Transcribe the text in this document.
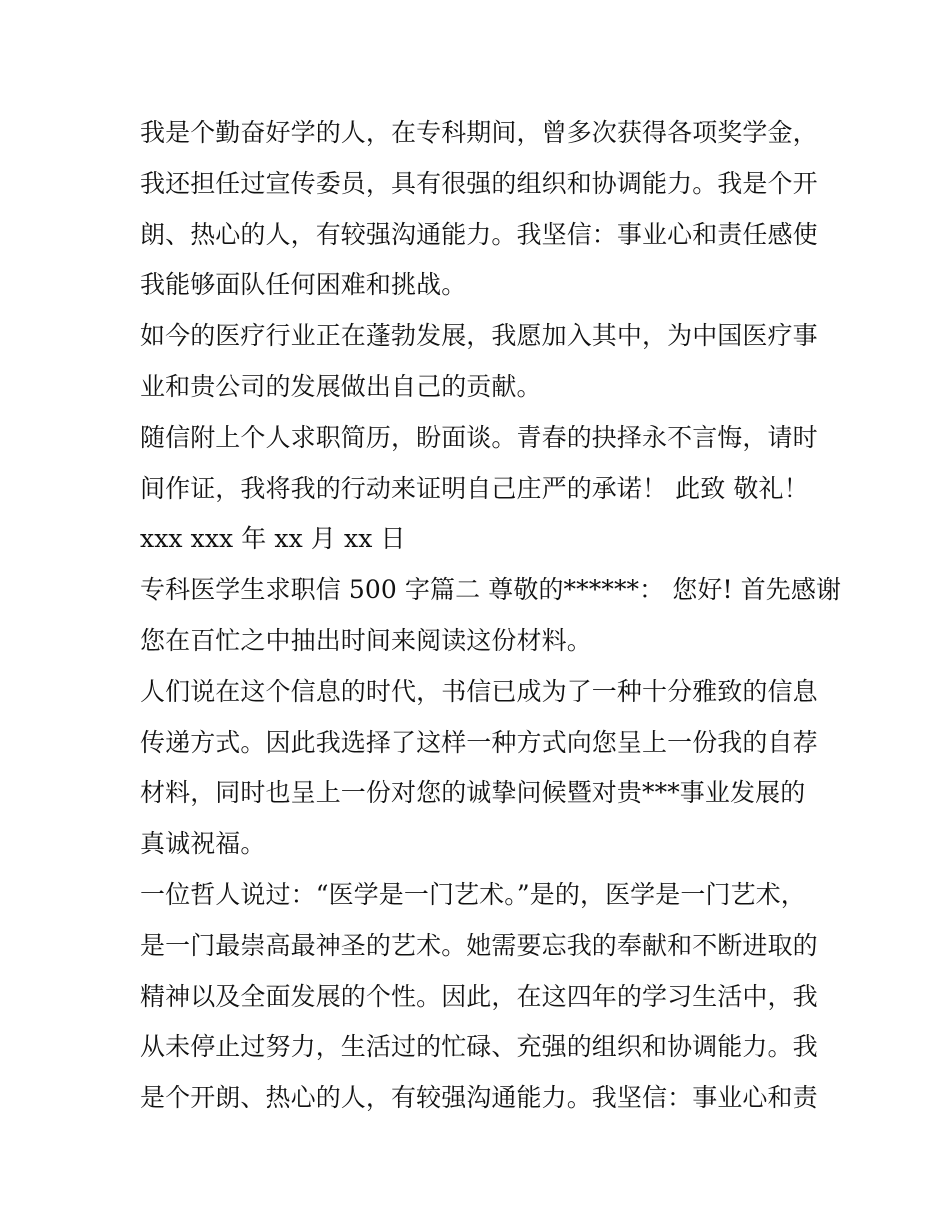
我是个勤奋好学的人，在专科期间，曾多次获得各项奖学金，
我还担任过宣传委员，具有很强的组织和协调能力。我是个开
朗、热心的人，有较强沟通能力。我坚信：事业心和责任感使
我能够面队任何困难和挑战。
如今的医疗行业正在蓬勃发展，我愿加入其中，为中国医疗事
业和贵公司的发展做出自己的贡献。
随信附上个人求职简历，盼面谈。青春的抉择永不言悔，请时
间作证，我将我的行动来证明自己庄严的承诺！ 此致 敬礼！
xxx xxx 年 xx 月 xx 日
专科医学生求职信 500 字篇二 尊敬的******： 您好! 首先感谢
您在百忙之中抽出时间来阅读这份材料。
人们说在这个信息的时代，书信已成为了一种十分雅致的信息
传递方式。因此我选择了这样一种方式向您呈上一份我的自荐
材料，同时也呈上一份对您的诚挚问候暨对贵***事业发展的
真诚祝福。
一位哲人说过：“医学是一门艺术。”是的，医学是一门艺术，
是一门最崇高最神圣的艺术。她需要忘我的奉献和不断进取的
精神以及全面发展的个性。因此，在这四年的学习生活中，我
从未停止过努力，生活过的忙碌、充强的组织和协调能力。我
是个开朗、热心的人，有较强沟通能力。我坚信：事业心和责
